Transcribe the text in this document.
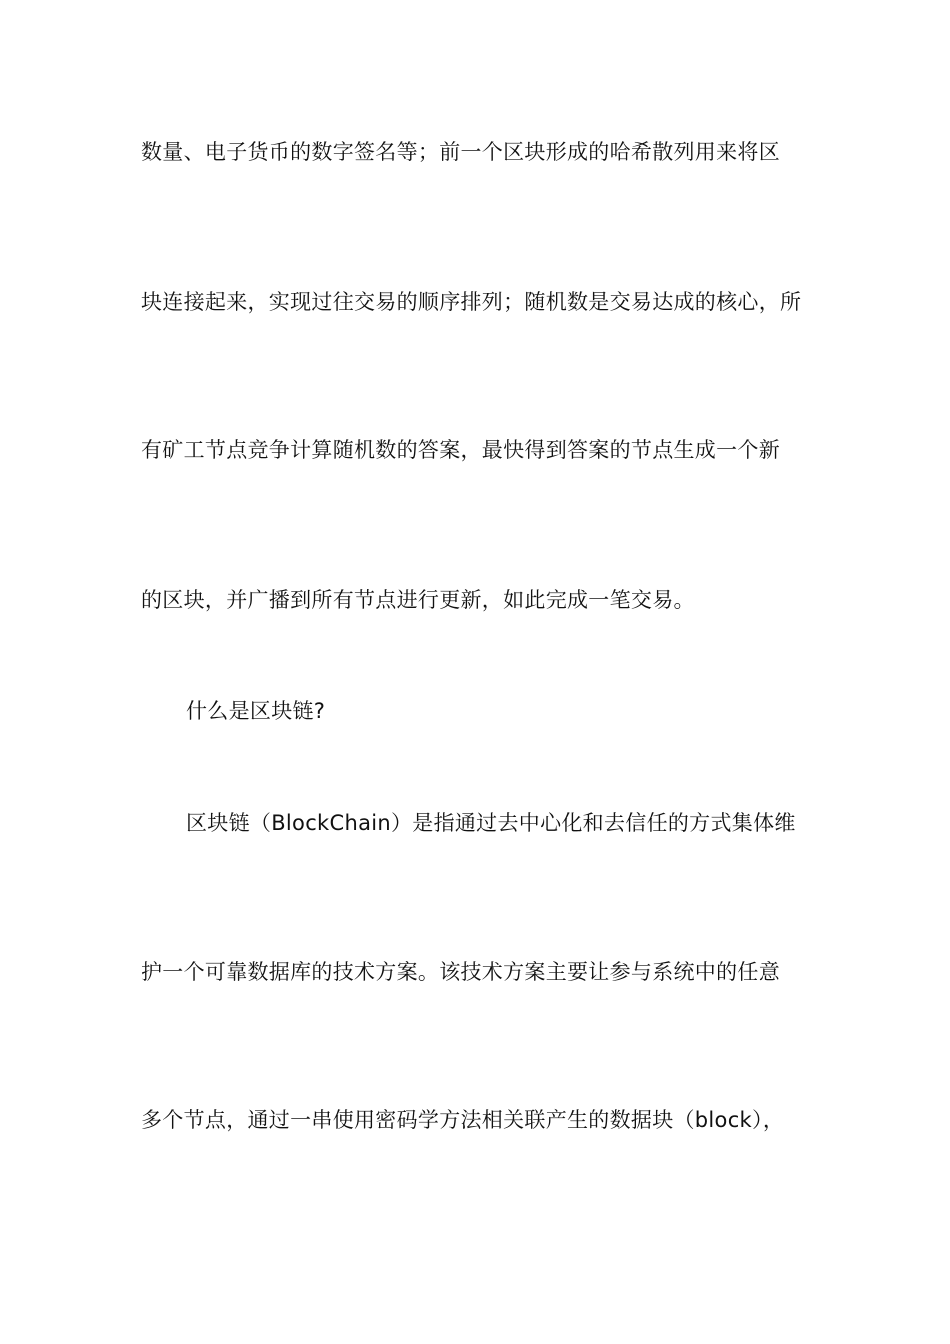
数量、电子货币的数字签名等；前一个区块形成的哈希散列用来将区
块连接起来，实现过往交易的顺序排列；随机数是交易达成的核心，所
有矿工节点竞争计算随机数的答案，最快得到答案的节点生成一个新
的区块，并广播到所有节点进行更新，如此完成一笔交易。
什么是区块链?
区块链（BlockChain）是指通过去中心化和去信任的方式集体维
护一个可靠数据库的技术方案。该技术方案主要让参与系统中的任意
多个节点，通过一串使用密码学方法相关联产生的数据块（block），
